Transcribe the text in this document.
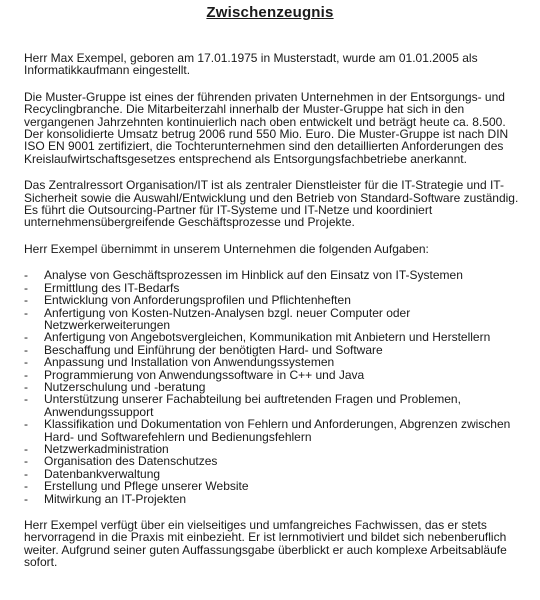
Zwischenzeugnis

Herr Max Exempel, geboren am 17.01.1975 in Musterstadt, wurde am 01.01.2005 als Informatikkaufmann eingestellt.

Die Muster-Gruppe ist eines der führenden privaten Unternehmen in der Entsorgungs- und Recyclingbranche. Die Mitarbeiterzahl innerhalb der Muster-Gruppe hat sich in den vergangenen Jahrzehnten kontinuierlich nach oben entwickelt und beträgt heute ca. 8.500. Der konsolidierte Umsatz betrug 2006 rund 550 Mio. Euro. Die Muster-Gruppe ist nach DIN ISO EN 9001 zertifiziert, die Tochterunternehmen sind den detaillierten Anforderungen des Kreislaufwirtschaftsgesetzes entsprechend als Entsorgungsfachbetriebe anerkannt.

Das Zentralressort Organisation/IT ist als zentraler Dienstleister für die IT-Strategie und IT-Sicherheit sowie die Auswahl/Entwicklung und den Betrieb von Standard-Software zuständig. Es führt die Outsourcing-Partner für IT-Systeme und IT-Netze und koordiniert unternehmensübergreifende Geschäftsprozesse und Projekte.

Herr Exempel übernimmt in unserem Unternehmen die folgenden Aufgaben:

- Analyse von Geschäftsprozessen im Hinblick auf den Einsatz von IT-Systemen
- Ermittlung des IT-Bedarfs
- Entwicklung von Anforderungsprofilen und Pflichtenheften
- Anfertigung von Kosten-Nutzen-Analysen bzgl. neuer Computer oder Netzwerkerweiterungen
- Anfertigung von Angebotsvergleichen, Kommunikation mit Anbietern und Herstellern
- Beschaffung und Einführung der benötigten Hard- und Software
- Anpassung und Installation von Anwendungssystemen
- Programmierung von Anwendungssoftware in C++ und Java
- Nutzerschulung und -beratung
- Unterstützung unserer Fachabteilung bei auftretenden Fragen und Problemen, Anwendungssupport
- Klassifikation und Dokumentation von Fehlern und Anforderungen, Abgrenzen zwischen Hard- und Softwarefehlern und Bedienungsfehlern
- Netzwerkadministration
- Organisation des Datenschutzes
- Datenbankverwaltung
- Erstellung und Pflege unserer Website
- Mitwirkung an IT-Projekten

Herr Exempel verfügt über ein vielseitiges und umfangreiches Fachwissen, das er stets hervorragend in die Praxis mit einbezieht. Er ist lernmotiviert und bildet sich nebenberuflich weiter. Aufgrund seiner guten Auffassungsgabe überblickt er auch komplexe Arbeitsabläufe sofort.
